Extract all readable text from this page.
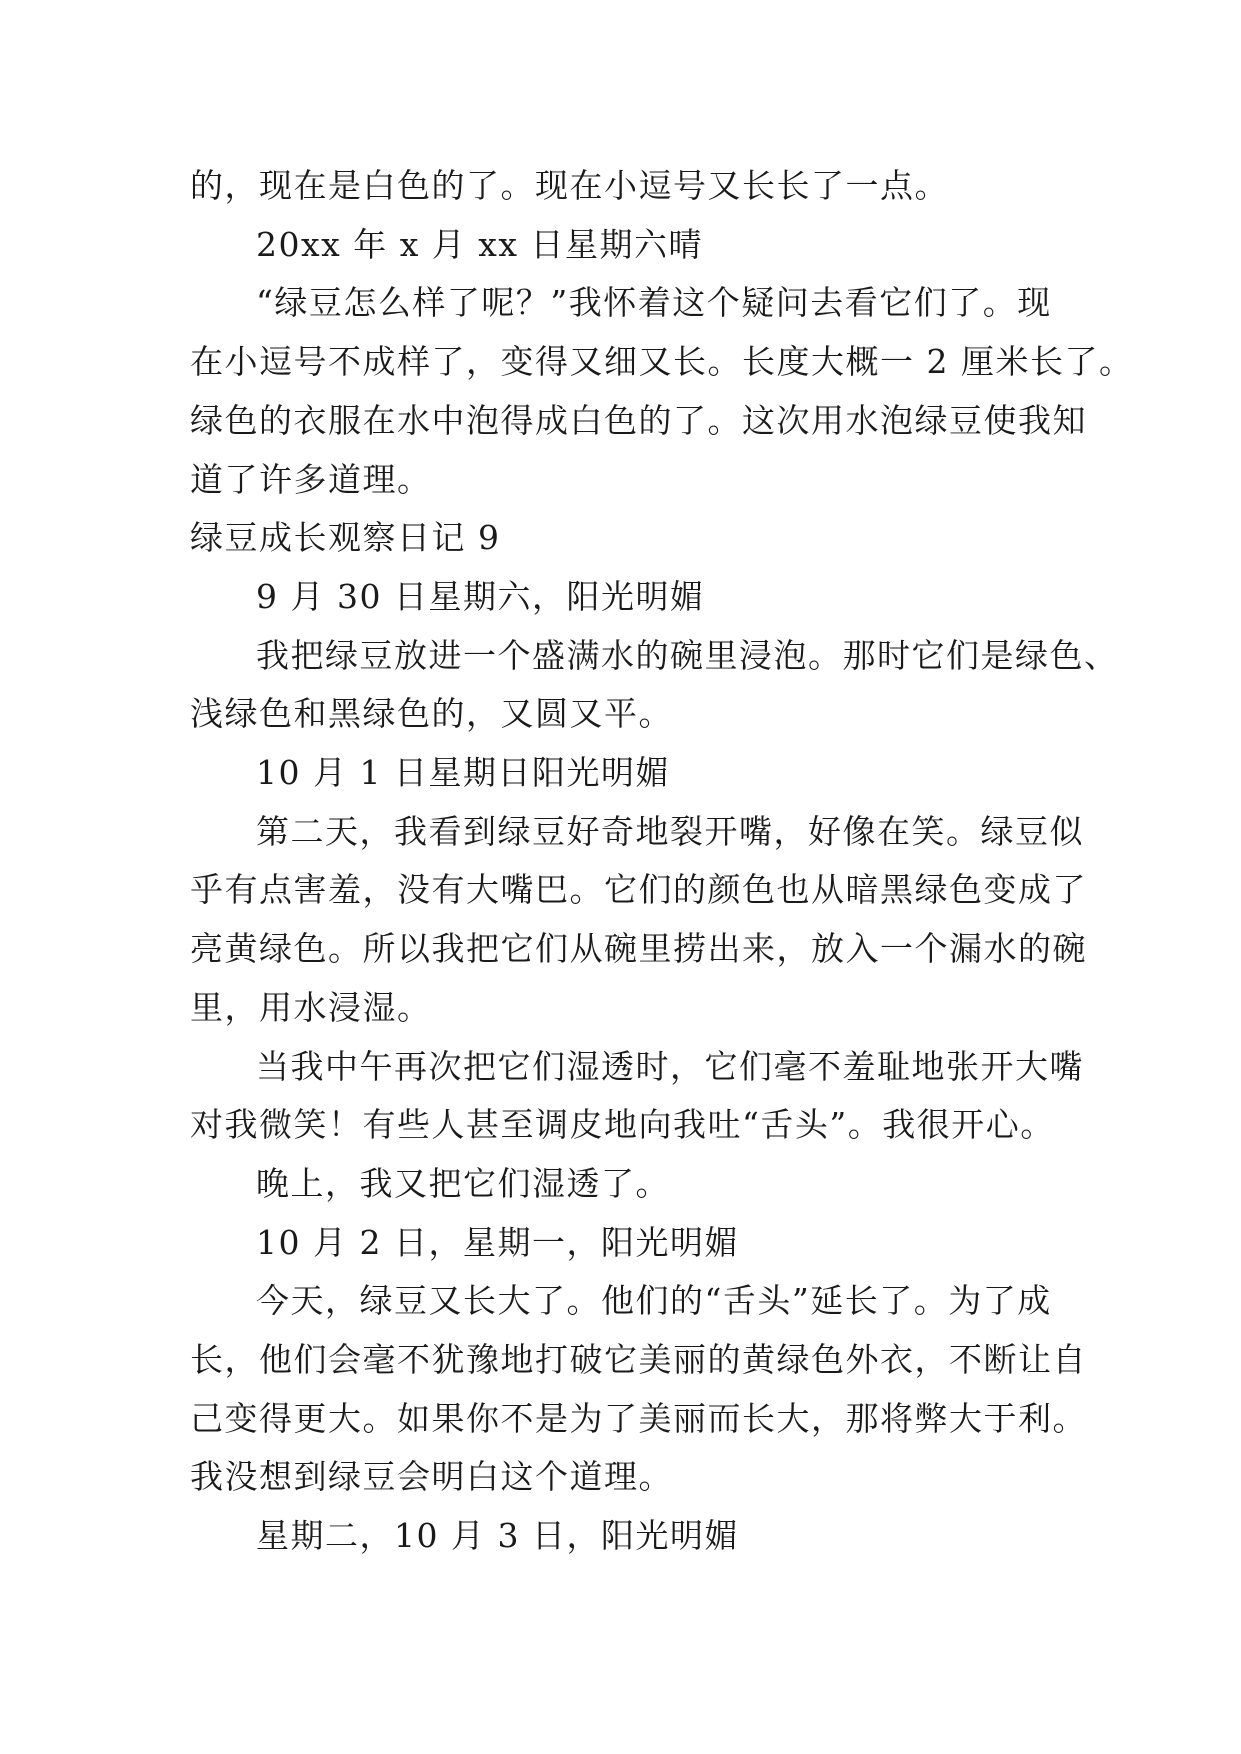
的，现在是白色的了。现在小逗号又长长了一点。

20xx 年 x 月 xx 日星期六晴

“绿豆怎么样了呢？”我怀着这个疑问去看它们了。现

在小逗号不成样了，变得又细又长。长度大概一 2 厘米长了。

绿色的衣服在水中泡得成白色的了。这次用水泡绿豆使我知

道了许多道理。

绿豆成长观察日记 9

9 月 30 日星期六，阳光明媚

我把绿豆放进一个盛满水的碗里浸泡。那时它们是绿色、

浅绿色和黑绿色的，又圆又平。

10 月 1 日星期日阳光明媚

第二天，我看到绿豆好奇地裂开嘴，好像在笑。绿豆似

乎有点害羞，没有大嘴巴。它们的颜色也从暗黑绿色变成了

亮黄绿色。所以我把它们从碗里捞出来，放入一个漏水的碗

里，用水浸湿。

当我中午再次把它们湿透时，它们毫不羞耻地张开大嘴

对我微笑！有些人甚至调皮地向我吐“舌头”。我很开心。

晚上，我又把它们湿透了。

10 月 2 日，星期一，阳光明媚

今天，绿豆又长大了。他们的“舌头”延长了。为了成

长，他们会毫不犹豫地打破它美丽的黄绿色外衣，不断让自

己变得更大。如果你不是为了美丽而长大，那将弊大于利。

我没想到绿豆会明白这个道理。

星期二，10 月 3 日，阳光明媚
